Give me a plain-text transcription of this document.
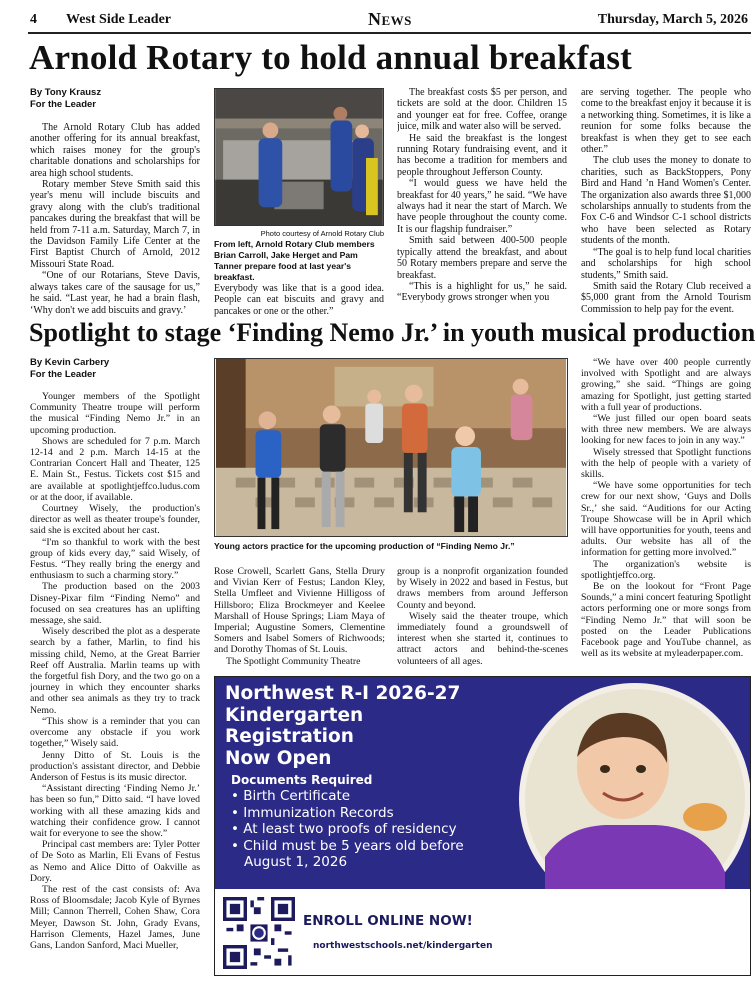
4 West Side Leader	News	Thursday, March 5, 2026
Arnold Rotary to hold annual breakfast
By Tony Krausz
For the Leader

The Arnold Rotary Club has added another offering for its annual breakfast, which raises money for the group's charitable donations and scholarships for area high school students.

Rotary member Steve Smith said this year's menu will include biscuits and gravy along with the club's traditional pancakes during the breakfast that will be held from 7-11 a.m. Saturday, March 7, in the Davidson Family Life Center at the First Baptist Church of Arnold, 2012 Missouri State Road.

“One of our Rotarians, Steve Davis, always takes care of the sausage for us,” he said. “Last year, he had a brain flash, ‘Why don't we add biscuits and gravy.’

Photo courtesy of Arnold Rotary Club
From left, Arnold Rotary Club members Brian Carroll, Jake Herget and Pam Tanner prepare food at last year's breakfast.

Everybody was like that is a good idea. People can eat biscuits and gravy and pancakes or one or the other.”

The breakfast costs $5 per person, and tickets are sold at the door. Children 15 and younger eat for free. Coffee, orange juice, milk and water also will be served.

He said the breakfast is the longest running Rotary fundraising event, and it has become a tradition for members and people throughout Jefferson County.

“I would guess we have held the breakfast for 40 years,” he said. “We have always had it near the start of March. We have people throughout the county come. It is our flagship fundraiser.”

Smith said between 400-500 people typically attend the breakfast, and about 50 Rotary members prepare and serve the breakfast.

“This is a highlight for us,” he said. “Everybody grows stronger when you

are serving together. The people who come to the breakfast enjoy it because it is a networking thing. Sometimes, it is like a reunion for some folks because the breakfast is when they get to see each other.”

The club uses the money to donate to charities, such as BackStoppers, Pony Bird and Hand ’n Hand Women's Center. The organization also awards three $1,000 scholarships annually to students from the Fox C-6 and Windsor C-1 school districts who have been selected as Rotary students of the month.

“The goal is to help fund local charities and scholarships for high school students,” Smith said.

Smith said the Rotary Club received a $5,000 grant from the Arnold Tourism Commission to help pay for the event.

Spotlight to stage ‘Finding Nemo Jr.’ in youth musical production
By Kevin Carbery
For the Leader

Younger members of the Spotlight Community Theatre troupe will perform the musical “Finding Nemo Jr.” in an upcoming production.

Shows are scheduled for 7 p.m. March 12-14 and 2 p.m. March 14-15 at the Contrarian Concert Hall and Theater, 125 E. Main St., Festus. Tickets cost $15 and are available at spotlightjeffco.ludus.com or at the door, if available.

Courtney Wisely, the production's director as well as theater troupe's founder, said she is excited about her cast.

“I'm so thankful to work with the best group of kids every day,” said Wisely, of Festus. “They really bring the energy and enthusiasm to such a charming story.”

The production based on the 2003 Disney-Pixar film “Finding Nemo” and focused on sea creatures has an uplifting message, she said.

Wisely described the plot as a desperate search by a father, Marlin, to find his missing child, Nemo, at the Great Barrier Reef off Australia. Marlin teams up with the forgetful fish Dory, and the two go on a journey in which they encounter sharks and other sea animals as they try to track Nemo.

“This show is a reminder that you can overcome any obstacle if you work together,” Wisely said.

Jenny Ditto of St. Louis is the production's assistant director, and Debbie Anderson of Festus is its music director.

“Assistant directing ‘Finding Nemo Jr.’ has been so fun,” Ditto said. “I have loved working with all these amazing kids and watching their confidence grow. I cannot wait for everyone to see the show.”

Principal cast members are: Tyler Potter of De Soto as Marlin, Eli Evans of Festus as Nemo and Alice Ditto of Oakville as Dory.

The rest of the cast consists of: Ava Ross of Bloomsdale; Jacob Kyle of Byrnes Mill; Cannon Therrell, Cohen Shaw, Cora Meyer, Dawson St. John, Grady Evans, Harrison Clements, Hazel James, June Gans, Landon Sanford, Maci Mueller,

Young actors practice for the upcoming production of “Finding Nemo Jr.”

Rose Crowell, Scarlett Gans, Stella Drury and Vivian Kerr of Festus; Landon Kley, Stella Umfleet and Vivienne Hilligoss of Hillsboro; Eliza Brockmeyer and Keelee Marshall of House Springs; Liam Maya of Imperial; Augustine Somers, Clementine Somers and Isabel Somers of Richwoods; and Dorothy Thomas of St. Louis.

The Spotlight Community Theatre

group is a nonprofit organization founded by Wisely in 2022 and based in Festus, but draws members from around Jefferson County and beyond.

Wisely said the theater troupe, which immediately found a groundswell of interest when she started it, continues to attract actors and behind-the-scenes volunteers of all ages.

“We have over 400 people currently involved with Spotlight and are always growing,” she said. “Things are going amazing for Spotlight, just getting started with a full year of productions.

“We just filled our open board seats with three new members. We are always looking for new faces to join in any way.”

Wisely stressed that Spotlight functions with the help of people with a variety of skills.

“We have some opportunities for tech crew for our next show, ‘Guys and Dolls Sr.,’ she said. “Auditions for our Acting Troupe Showcase will be in April which will have opportunities for youth, teens and adults. Our website has all of the information for getting more involved.”

The organization's website is spotlightjeffco.org.

Be on the lookout for “Front Page Sounds,” a mini concert featuring Spotlight actors performing one or more songs from “Finding Nemo Jr.” that will soon be posted on the Leader Publications Facebook page and YouTube channel, as well as its website at myleaderpaper.com.

Northwest R-I 2026-27
Kindergarten
Registration
Now Open
Documents Required
• Birth Certificate
• Immunization Records
• At least two proofs of residency
• Child must be 5 years old before August 1, 2026
ENROLL ONLINE NOW!
northwestschools.net/kindergarten
